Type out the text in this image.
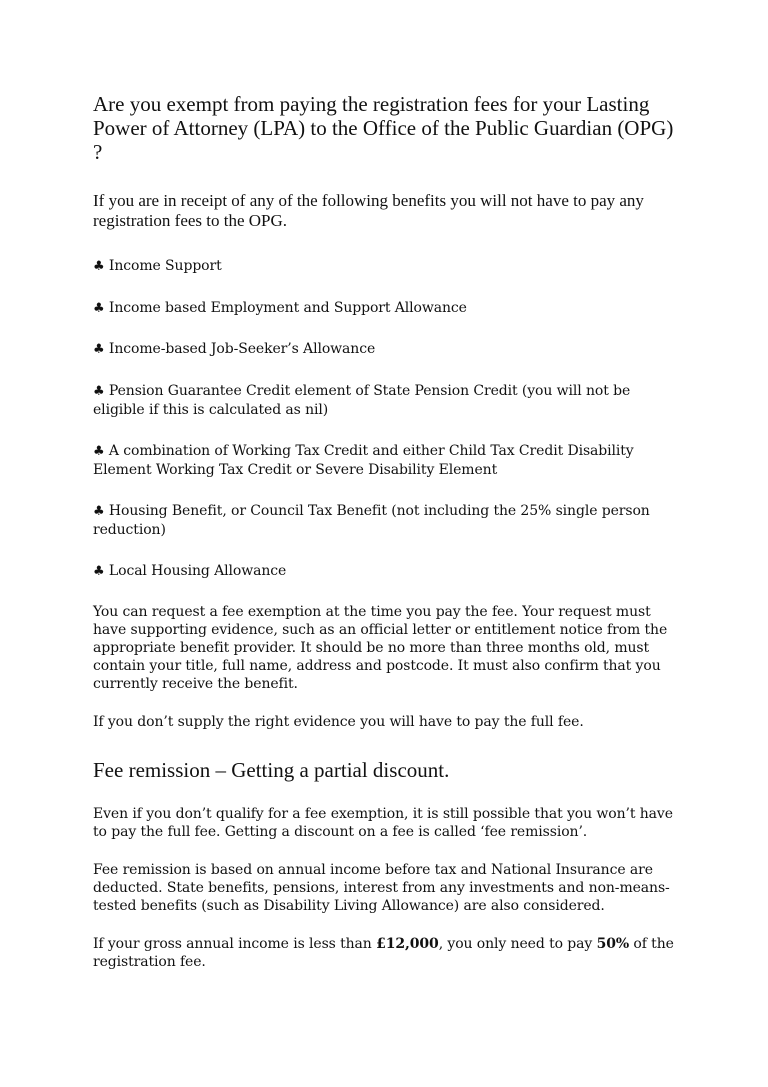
Are you exempt from paying the registration fees for your Lasting Power of Attorney (LPA) to the Office of the Public Guardian (OPG) ?

If you are in receipt of any of the following benefits you will not have to pay any registration fees to the OPG.

♣ Income Support

♣ Income based Employment and Support Allowance

♣ Income-based Job-Seeker’s Allowance

♣ Pension Guarantee Credit element of State Pension Credit (you will not be eligible if this is calculated as nil)

♣ A combination of Working Tax Credit and either Child Tax Credit Disability Element Working Tax Credit or Severe Disability Element

♣ Housing Benefit, or Council Tax Benefit (not including the 25% single person reduction)

♣ Local Housing Allowance

You can request a fee exemption at the time you pay the fee. Your request must have supporting evidence, such as an official letter or entitlement notice from the appropriate benefit provider. It should be no more than three months old, must contain your title, full name, address and postcode. It must also confirm that you currently receive the benefit.

If you don’t supply the right evidence you will have to pay the full fee.

Fee remission – Getting a partial discount.

Even if you don’t qualify for a fee exemption, it is still possible that you won’t have to pay the full fee. Getting a discount on a fee is called ‘fee remission’.

Fee remission is based on annual income before tax and National Insurance are deducted. State benefits, pensions, interest from any investments and non-means-tested benefits (such as Disability Living Allowance) are also considered.

If your gross annual income is less than £12,000, you only need to pay 50% of the registration fee.
